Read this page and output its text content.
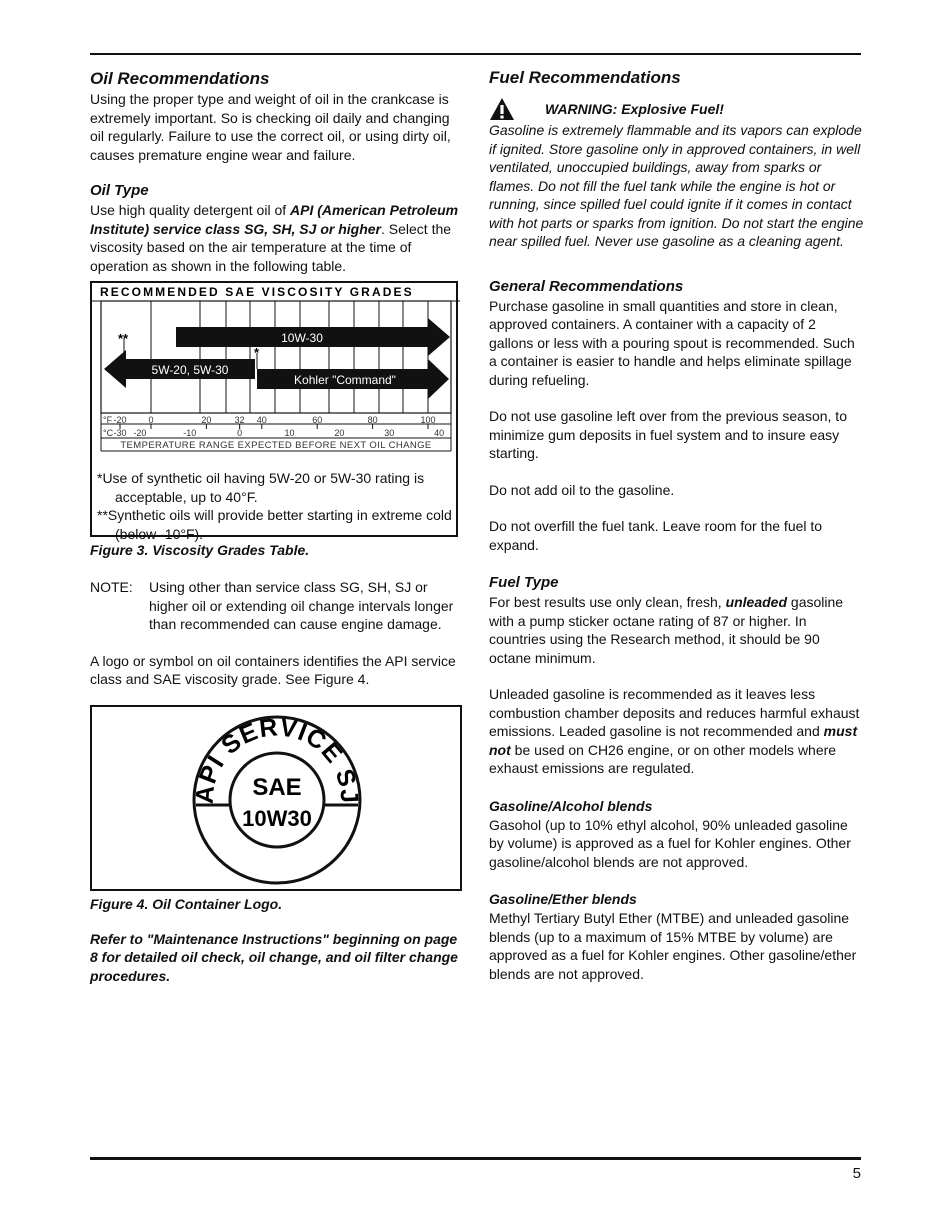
Oil Recommendations

Using the proper type and weight of oil in the crankcase is extremely important. So is checking oil daily and changing oil regularly. Failure to use the correct oil, or using dirty oil, causes premature engine wear and failure.

Oil Type

Use high quality detergent oil of API (American Petroleum Institute) service class SG, SH, SJ or higher. Select the viscosity based on the air temperature at the time of operation as shown in the following table.

RECOMMENDED SAE VISCOSITY GRADES
10W-30
5W-20, 5W-30
Kohler "Command"
**
*
°F
°C
-20 0	20	32 40	60	80	100
-30 -20	-10	0	10	20	30	40
TEMPERATURE RANGE EXPECTED BEFORE NEXT OIL CHANGE
*Use of synthetic oil having 5W-20 or 5W-30 rating is acceptable, up to 40°F.
**Synthetic oils will provide better starting in extreme cold (below -10°F).
Figure 3. Viscosity Grades Table.
NOTE:	Using other than service class SG, SH, SJ or higher oil or extending oil change intervals longer than recommended can cause engine damage.

A logo or symbol on oil containers identifies the API service class and SAE viscosity grade. See Figure 4.

API SERVICE SJ
SAE
10W30
Figure 4. Oil Container Logo.

Refer to "Maintenance Instructions" beginning on page 8 for detailed oil check, oil change, and oil filter change procedures.

Fuel Recommendations
WARNING: Explosive Fuel!

Gasoline is extremely flammable and its vapors can explode if ignited. Store gasoline only in approved containers, in well ventilated, unoccupied buildings, away from sparks or flames. Do not fill the fuel tank while the engine is hot or running, since spilled fuel could ignite if it comes in contact with hot parts or sparks from ignition. Do not start the engine near spilled fuel. Never use gasoline as a cleaning agent.

General Recommendations

Purchase gasoline in small quantities and store in clean, approved containers. A container with a capacity of 2 gallons or less with a pouring spout is recommended. Such a container is easier to handle and helps eliminate spillage during refueling.

Do not use gasoline left over from the previous season, to minimize gum deposits in fuel system and to insure easy starting.

Do not add oil to the gasoline.

Do not overfill the fuel tank. Leave room for the fuel to expand.

Fuel Type

For best results use only clean, fresh, unleaded gasoline with a pump sticker octane rating of 87 or higher. In countries using the Research method, it should be 90 octane minimum.

Unleaded gasoline is recommended as it leaves less combustion chamber deposits and reduces harmful exhaust emissions. Leaded gasoline is not recommended and must not be used on CH26 engine, or on other models where exhaust emissions are regulated.

Gasoline/Alcohol blends

Gasohol (up to 10% ethyl alcohol, 90% unleaded gasoline by volume) is approved as a fuel for Kohler engines. Other gasoline/alcohol blends are not approved.

Gasoline/Ether blends

Methyl Tertiary Butyl Ether (MTBE) and unleaded gasoline blends (up to a maximum of 15% MTBE by volume) are approved as a fuel for Kohler engines. Other gasoline/ether blends are not approved.

5
